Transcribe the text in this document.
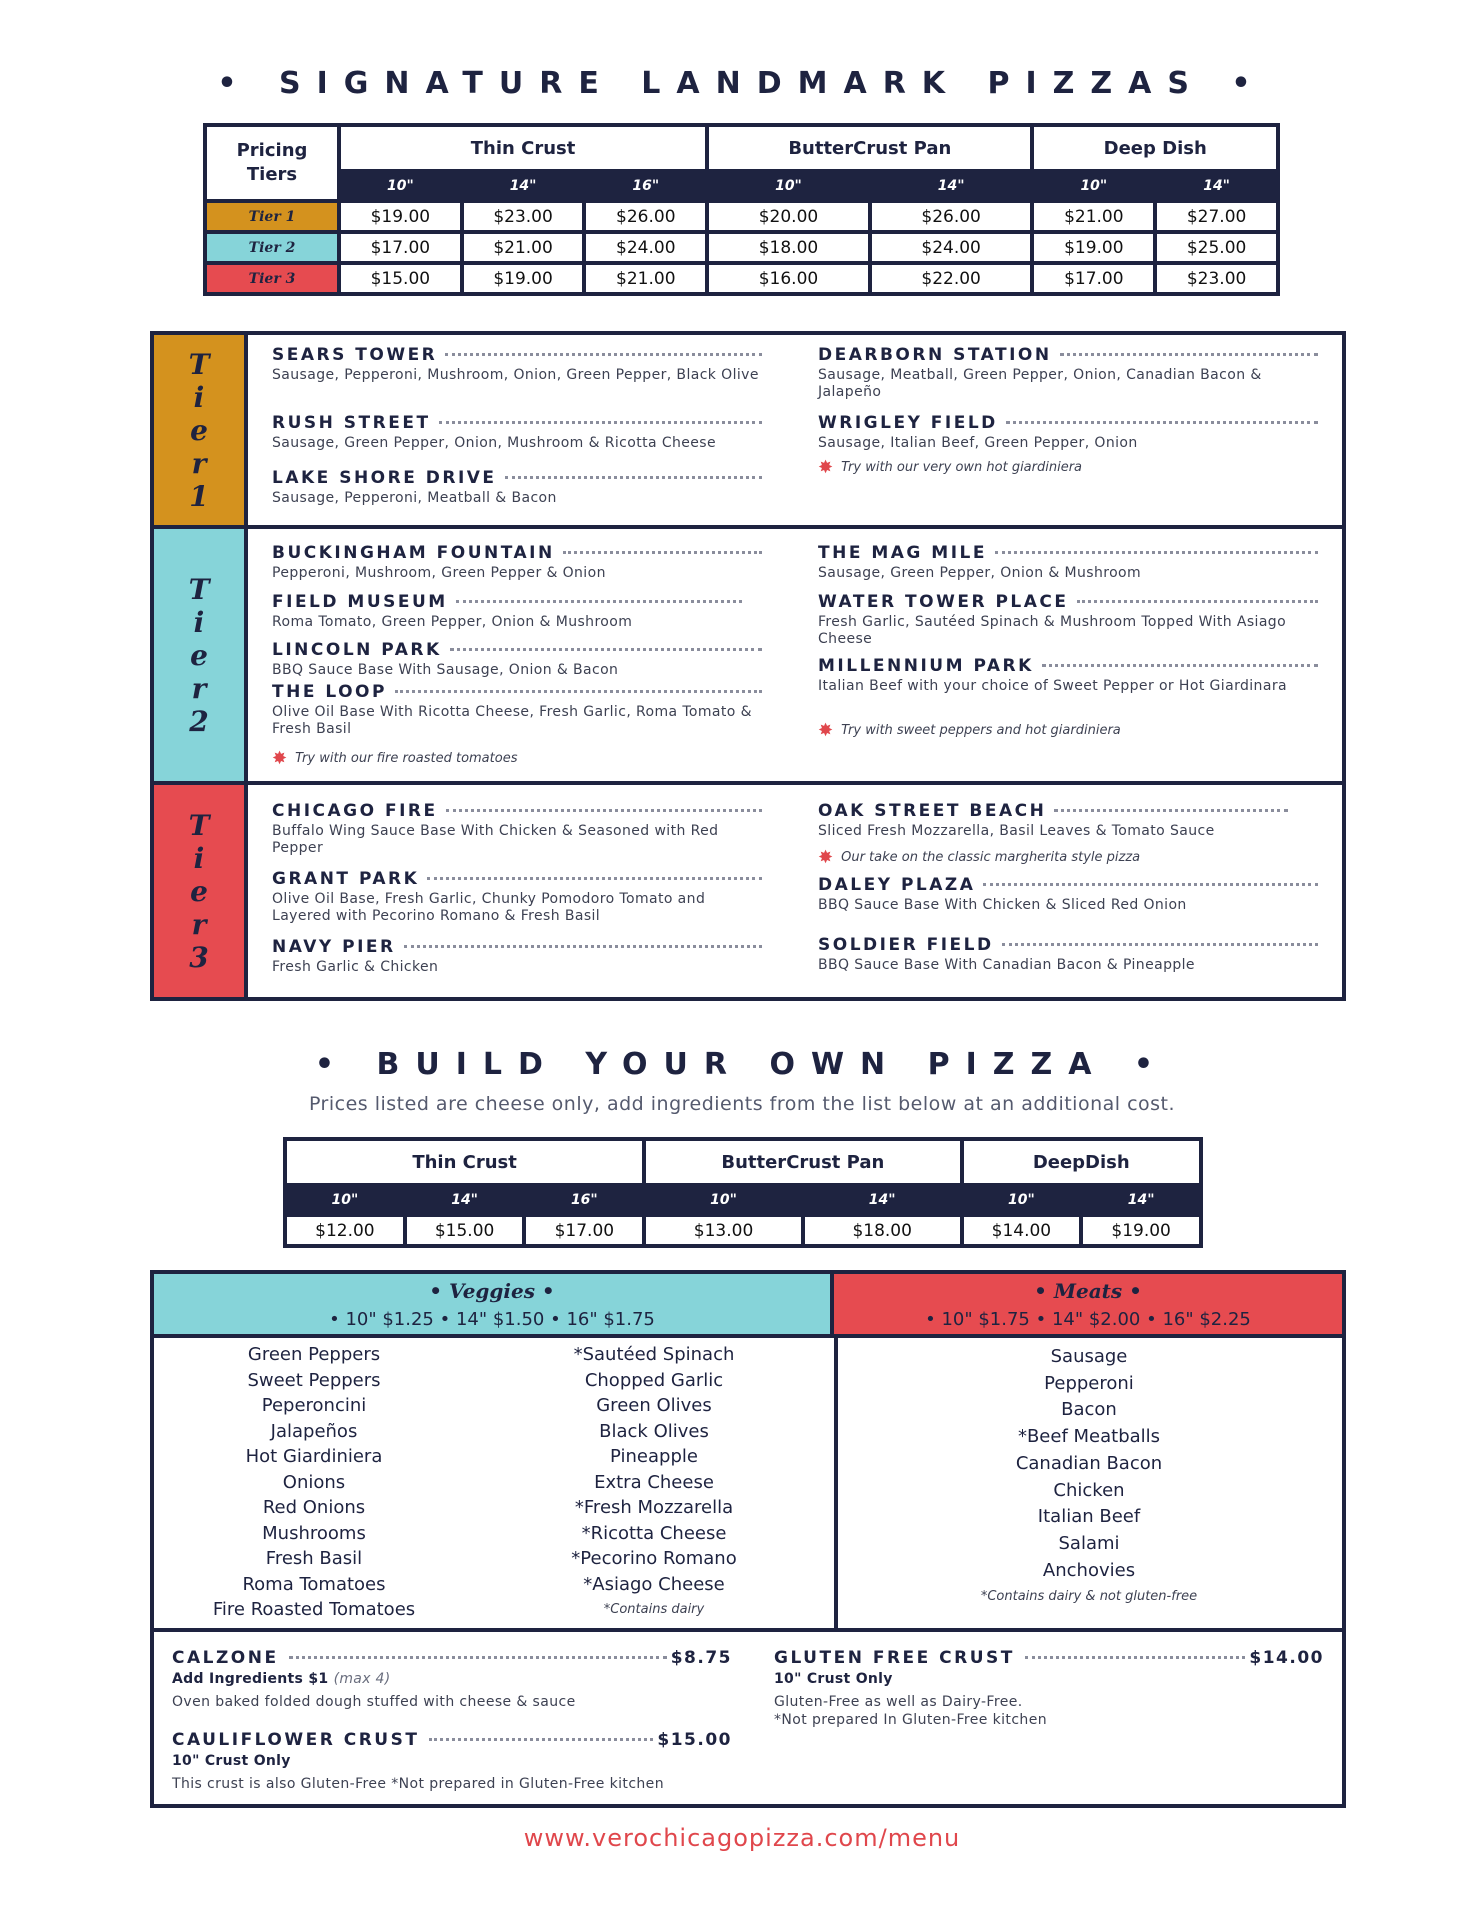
• SIGNATURE LANDMARK PIZZAS •
Pricing
Tiers	Thin Crust			ButterCrust Pan		Deep Dish	
	10"	14"	16"	10"	14"	10"	14"
Tier 1	$19.00	$23.00	$26.00	$20.00	$26.00	$21.00	$27.00
Tier 2	$17.00	$21.00	$24.00	$18.00	$24.00	$19.00	$25.00
Tier 3	$15.00	$19.00	$21.00	$16.00	$22.00	$17.00	$23.00
T
i
e
r
1
SEARS TOWER
Sausage, Pepperoni, Mushroom, Onion, Green Pepper, Black Olive
RUSH STREET
Sausage, Green Pepper, Onion, Mushroom & Ricotta Cheese
LAKE SHORE DRIVE
Sausage, Pepperoni, Meatball & Bacon
DEARBORN STATION
Sausage, Meatball, Green Pepper, Onion, Canadian Bacon & Jalapeño
WRIGLEY FIELD
Sausage, Italian Beef, Green Pepper, Onion
✸ Try with our very own hot giardiniera
T
i
e
r
2
BUCKINGHAM FOUNTAIN
Pepperoni, Mushroom, Green Pepper & Onion
FIELD MUSEUM
Roma Tomato, Green Pepper, Onion & Mushroom
LINCOLN PARK
BBQ Sauce Base With Sausage, Onion & Bacon
THE LOOP
Olive Oil Base With Ricotta Cheese, Fresh Garlic, Roma Tomato & Fresh Basil
✸ Try with our fire roasted tomatoes
THE MAG MILE
Sausage, Green Pepper, Onion & Mushroom
WATER TOWER PLACE
Fresh Garlic, Sautéed Spinach & Mushroom Topped With Asiago Cheese
MILLENNIUM PARK
Italian Beef with your choice of Sweet Pepper or Hot Giardinara
✸ Try with sweet peppers and hot giardiniera
T
i
e
r
3
CHICAGO FIRE
Buffalo Wing Sauce Base With Chicken & Seasoned with Red Pepper
GRANT PARK
Olive Oil Base, Fresh Garlic, Chunky Pomodoro Tomato and Layered with Pecorino Romano & Fresh Basil
NAVY PIER
Fresh Garlic & Chicken
OAK STREET BEACH
Sliced Fresh Mozzarella, Basil Leaves & Tomato Sauce
✸ Our take on the classic margherita style pizza
DALEY PLAZA
BBQ Sauce Base With Chicken & Sliced Red Onion
SOLDIER FIELD
BBQ Sauce Base With Canadian Bacon & Pineapple
• BUILD YOUR OWN PIZZA •
Prices listed are cheese only, add ingredients from the list below at an additional cost.
Thin Crust			ButterCrust Pan		DeepDish	
10"	14"	16"	10"	14"	10"	14"
$12.00	$15.00	$17.00	$13.00	$18.00	$14.00	$19.00
• Veggies •
• 10" $1.25 • 14" $1.50 • 16" $1.75
• Meats •
• 10" $1.75 • 14" $2.00 • 16" $2.25
Green Peppers
Sweet Peppers
Peperoncini
Jalapeños
Hot Giardiniera
Onions
Red Onions
Mushrooms
Fresh Basil
Roma Tomatoes
Fire Roasted Tomatoes
*Sautéed Spinach
Chopped Garlic
Green Olives
Black Olives
Pineapple
Extra Cheese
*Fresh Mozzarella
*Ricotta Cheese
*Pecorino Romano
*Asiago Cheese
*Contains dairy
Sausage
Pepperoni
Bacon
*Beef Meatballs
Canadian Bacon
Chicken
Italian Beef
Salami
Anchovies
*Contains dairy & not gluten-free
CALZONE	$8.75
Add Ingredients $1 (max 4)
Oven baked folded dough stuffed with cheese & sauce
CAULIFLOWER CRUST	$15.00
10" Crust Only
This crust is also Gluten-Free *Not prepared in Gluten-Free kitchen
GLUTEN FREE CRUST	$14.00
10" Crust Only
Gluten-Free as well as Dairy-Free.
*Not prepared In Gluten-Free kitchen
www.verochicagopizza.com/menu
